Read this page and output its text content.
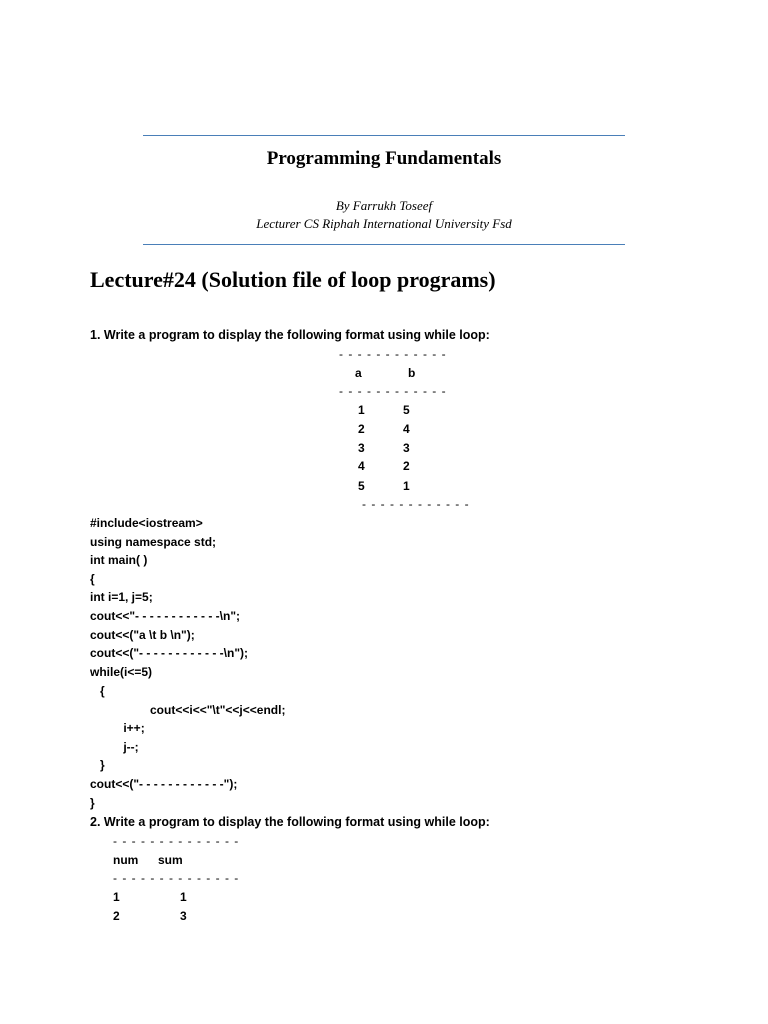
Programming Fundamentals
By Farrukh Toseef
Lecturer CS Riphah International University Fsd
Lecture#24 (Solution file of loop programs)
1. Write a program to display the following format using while loop:
- - - - - - - - - - - -
a	b
- - - - - - - - - - - -
1	5
2	4
3	3
4	2
5	1
- - - - - - - - - - - -
#include<iostream>
using namespace std;
int main( )
{
int i=1, j=5;
cout<<"- - - - - - - - - - - -\n";
cout<<("a \t b \n");
cout<<("- - - - - - - - - - - -\n");
while(i<=5)
{
cout<<i<<"\t"<<j<<endl;
i++;
j--;
}
cout<<("- - - - - - - - - - - -");
}
2. Write a program to display the following format using while loop:
- - - - - - - - - - - - - -
num sum
- - - - - - - - - - - - - -
1	1
2	3
